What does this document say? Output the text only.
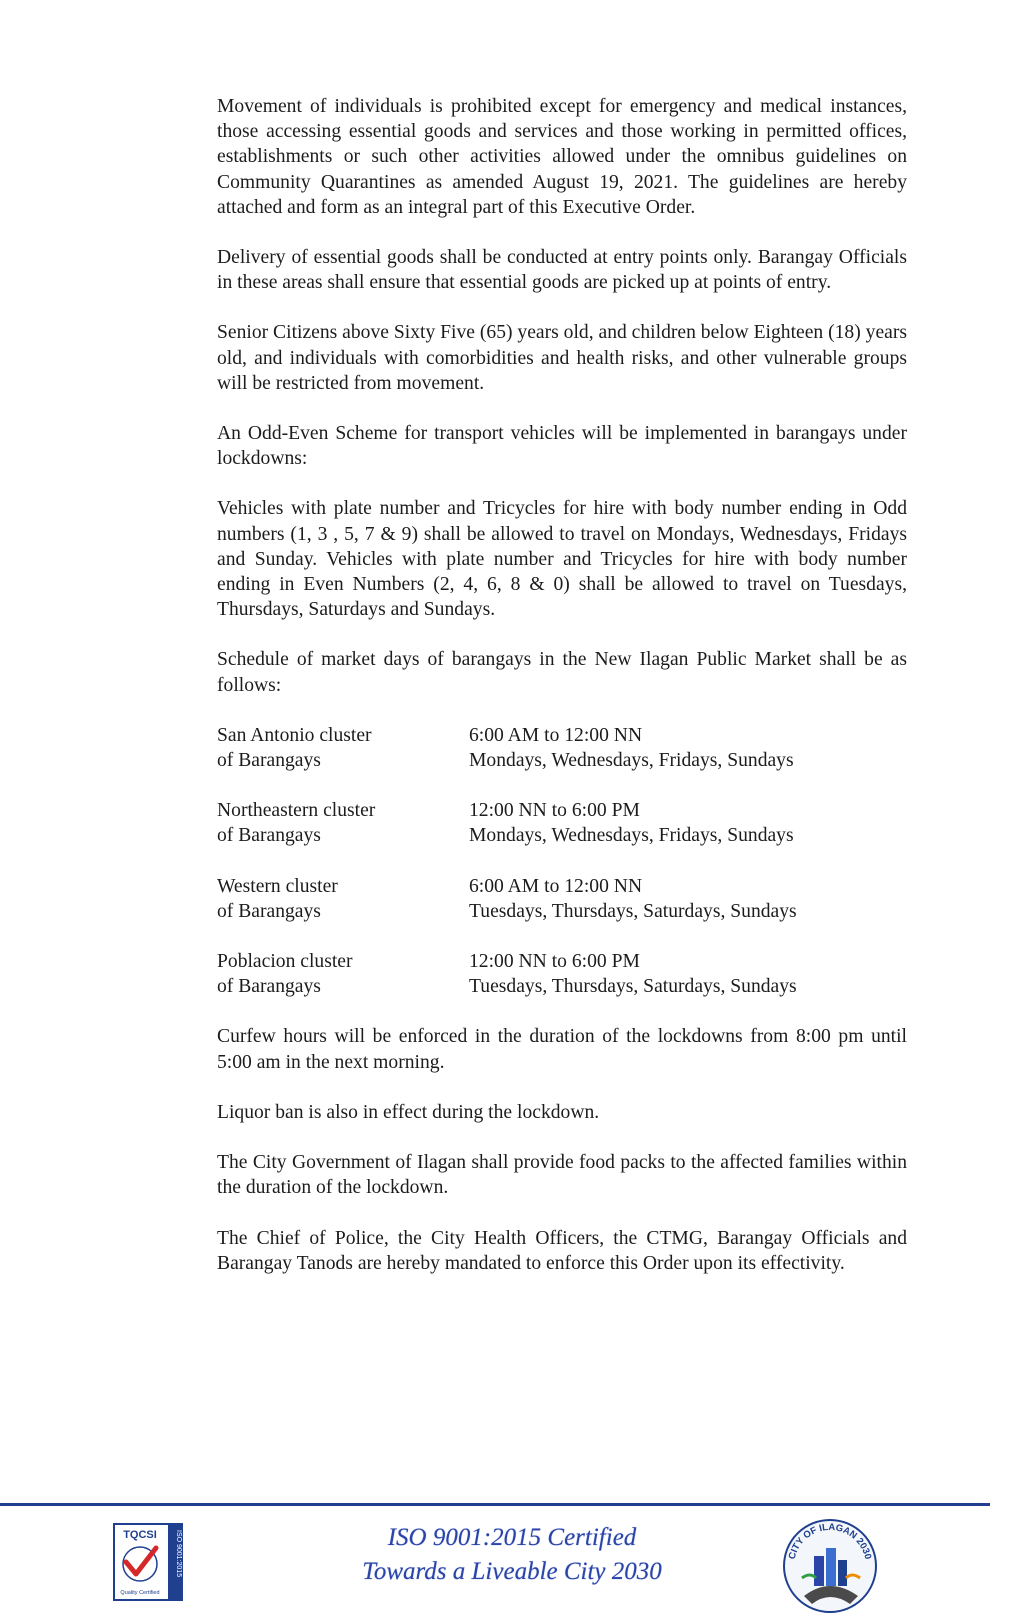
Movement of individuals is prohibited except for emergency and medical instances, those accessing essential goods and services and those working in permitted offices, establishments or such other activities allowed under the omnibus guidelines on Community Quarantines as amended August 19, 2021. The guidelines are hereby attached and form as an integral part of this Executive Order.

Delivery of essential goods shall be conducted at entry points only. Barangay Officials in these areas shall ensure that essential goods are picked up at points of entry.

Senior Citizens above Sixty Five (65) years old, and children below Eighteen (18) years old, and individuals with comorbidities and health risks, and other vulnerable groups will be restricted from movement.

An Odd-Even Scheme for transport vehicles will be implemented in barangays under lockdowns:

Vehicles with plate number and Tricycles for hire with body number ending in Odd numbers (1, 3 , 5, 7 & 9) shall be allowed to travel on Mondays, Wednesdays, Fridays and Sunday. Vehicles with plate number and Tricycles for hire with body number ending in Even Numbers (2, 4, 6, 8 & 0) shall be allowed to travel on Tuesdays, Thursdays, Saturdays and Sundays.

Schedule of market days of barangays in the New Ilagan Public Market shall be as follows:

San Antonio cluster
of Barangays
6:00 AM to 12:00 NN
Mondays, Wednesdays, Fridays, Sundays
Northeastern cluster
of Barangays
12:00 NN to 6:00 PM
Mondays, Wednesdays, Fridays, Sundays
Western cluster
of Barangays
6:00 AM to 12:00 NN
Tuesdays, Thursdays, Saturdays, Sundays
Poblacion cluster
of Barangays
12:00 NN to 6:00 PM
Tuesdays, Thursdays, Saturdays, Sundays

Curfew hours will be enforced in the duration of the lockdowns from 8:00 pm until 5:00 am in the next morning.

Liquor ban is also in effect during the lockdown.

The City Government of Ilagan shall provide food packs to the affected families within the duration of the lockdown.

The Chief of Police, the City Health Officers, the CTMG, Barangay Officials and Barangay Tanods are hereby mandated to enforce this Order upon its effectivity.

TQCSI
Quality Certified
ISO 9001:2015	ISO 9001:2015 Certified
Towards a Liveable City 2030
CITY OF ILAGAN 2030
